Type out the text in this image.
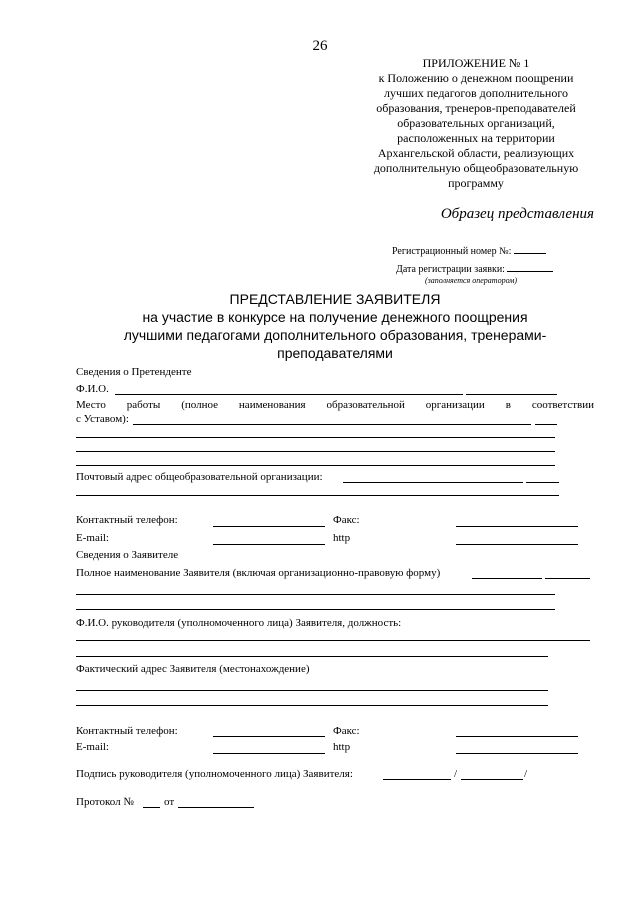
26
ПРИЛОЖЕНИЕ № 1
к Положению о денежном поощрении
лучших педагогов дополнительного
образования, тренеров-преподавателей
образовательных организаций,
расположенных на территории
Архангельской области, реализующих
дополнительную общеобразовательную
программу
Образец представления
Регистрационный номер №:
Дата регистрации заявки:
(заполняется оператором)
ПРЕДСТАВЛЕНИЕ ЗАЯВИТЕЛЯ
на участие в конкурсе на получение денежного поощрения
лучшими педагогами дополнительного образования, тренерами-
преподавателями
Сведения о Претенденте
Ф.И.О.
Место работы (полное наименования образовательной организации в соответствии
с Уставом):
Почтовый адрес общеобразовательной организации:
Контактный телефон:	Факс:
E-mail:	http
Сведения о Заявителе
Полное наименование Заявителя (включая организационно-правовую форму)
Ф.И.О. руководителя (уполномоченного лица) Заявителя, должность:
Фактический адрес Заявителя (местонахождение)
Контактный телефон:	Факс:
E-mail:	http
Подпись руководителя (уполномоченного лица) Заявителя:	/	/
Протокол №	от
